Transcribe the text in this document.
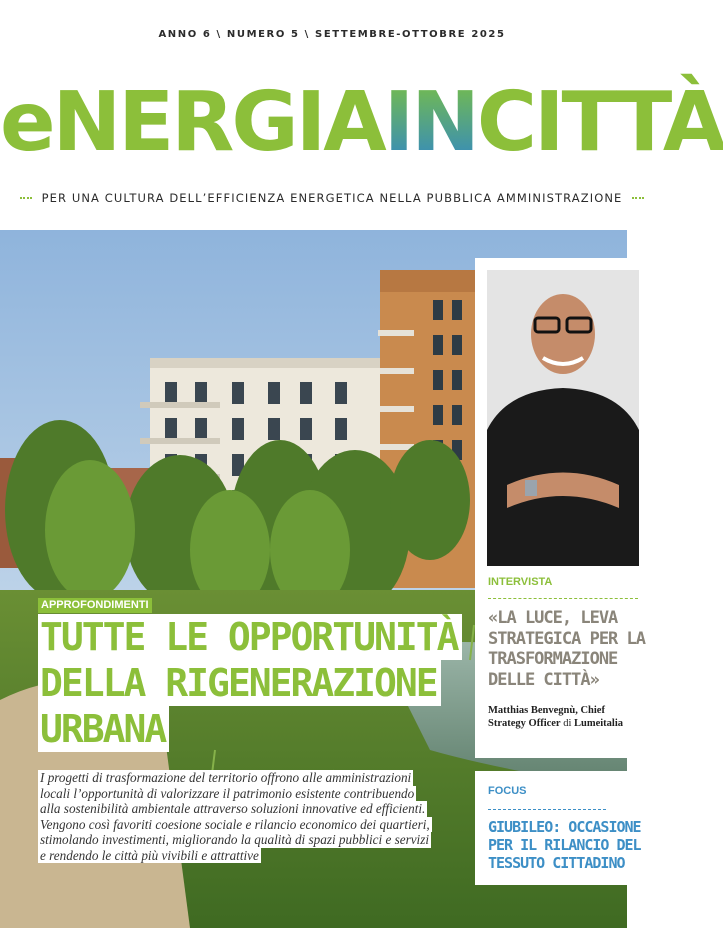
ANNO 6 \ NUMERO 5 \ SETTEMBRE-OTTOBRE 2025
eNERGIAINCITTÀ
PER UNA CULTURA DELL’EFFICIENZA ENERGETICA NELLA PUBBLICA AMMINISTRAZIONE
APPROFONDIMENTI
TUTTE LE OPPORTUNITÀ
DELLA RIGENERAZIONE
URBANA
I progetti di trasformazione del territorio offrono alle amministrazioni
locali l’opportunità di valorizzare il patrimonio esistente contribuendo
alla sostenibilità ambientale attraverso soluzioni innovative ed efficienti.
Vengono così favoriti coesione sociale e rilancio economico dei quartieri,
stimolando investimenti, migliorando la qualità di spazi pubblici e servizi
e rendendo le città più vivibili e attrattive
INTERVISTA
«LA LUCE, LEVA
STRATEGICA PER LA
TRASFORMAZIONE
DELLE CITTÀ»
Matthias Benvegnù, Chief
Strategy Officer di Lumeitalia
FOCUS
GIUBILEO: OCCASIONE
PER IL RILANCIO DEL
TESSUTO CITTADINO
